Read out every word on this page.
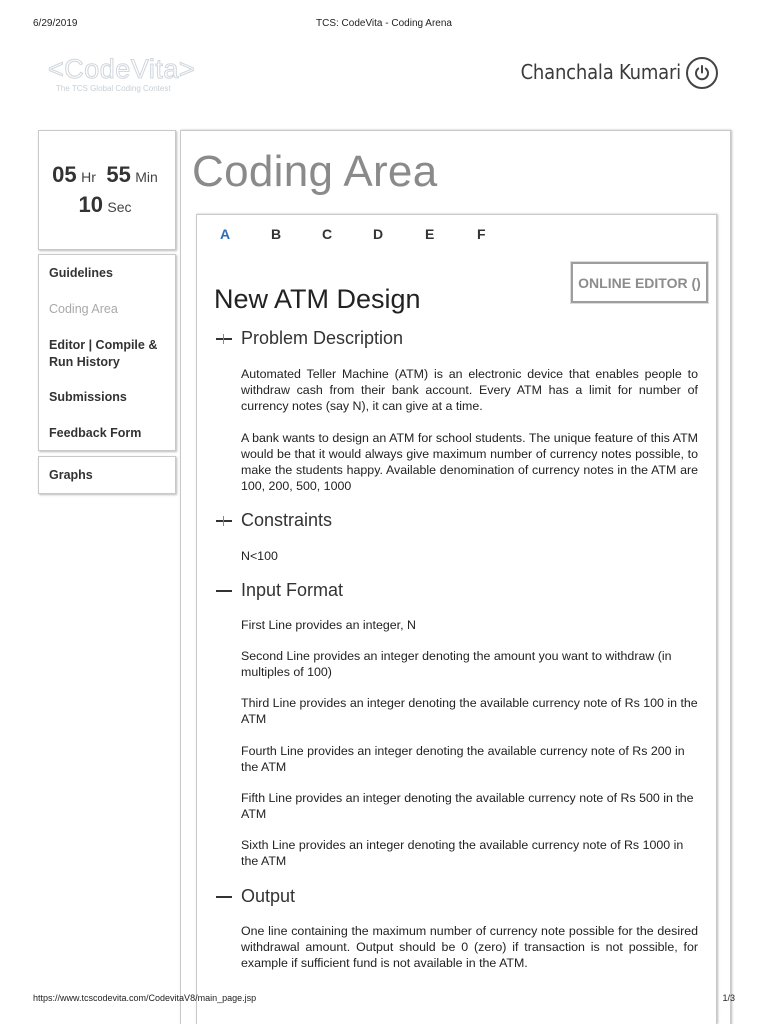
6/29/2019	TCS: CodeVita - Coding Arena
<CodeVita>
The TCS Global Coding Contest
Chanchala Kumari
05 Hr 55 Min
10 Sec
Guidelines
Coding Area
Editor | Compile & Run History
Submissions
Feedback Form
Graphs
Coding Area
A	B	C	D	E	F
ONLINE EDITOR ()
New ATM Design
Problem Description

Automated Teller Machine (ATM) is an electronic device that enables people to withdraw cash from their bank account. Every ATM has a limit for number of currency notes (say N), it can give at a time.

A bank wants to design an ATM for school students. The unique feature of this ATM would be that it would always give maximum number of currency notes possible, to make the students happy. Available denomination of currency notes in the ATM are 100, 200, 500, 1000

Constraints

N<100

Input Format

First Line provides an integer, N

Second Line provides an integer denoting the amount you want to withdraw (in multiples of 100)

Third Line provides an integer denoting the available currency note of Rs 100 in the ATM

Fourth Line provides an integer denoting the available currency note of Rs 200 in the ATM

Fifth Line provides an integer denoting the available currency note of Rs 500 in the ATM

Sixth Line provides an integer denoting the available currency note of Rs 1000 in the ATM

Output

One line containing the maximum number of currency note possible for the desired withdrawal amount. Output should be 0 (zero) if transaction is not possible, for example if sufficient fund is not available in the ATM.

https://www.tcscodevita.com/CodevitaV8/main_page.jsp	1/3
